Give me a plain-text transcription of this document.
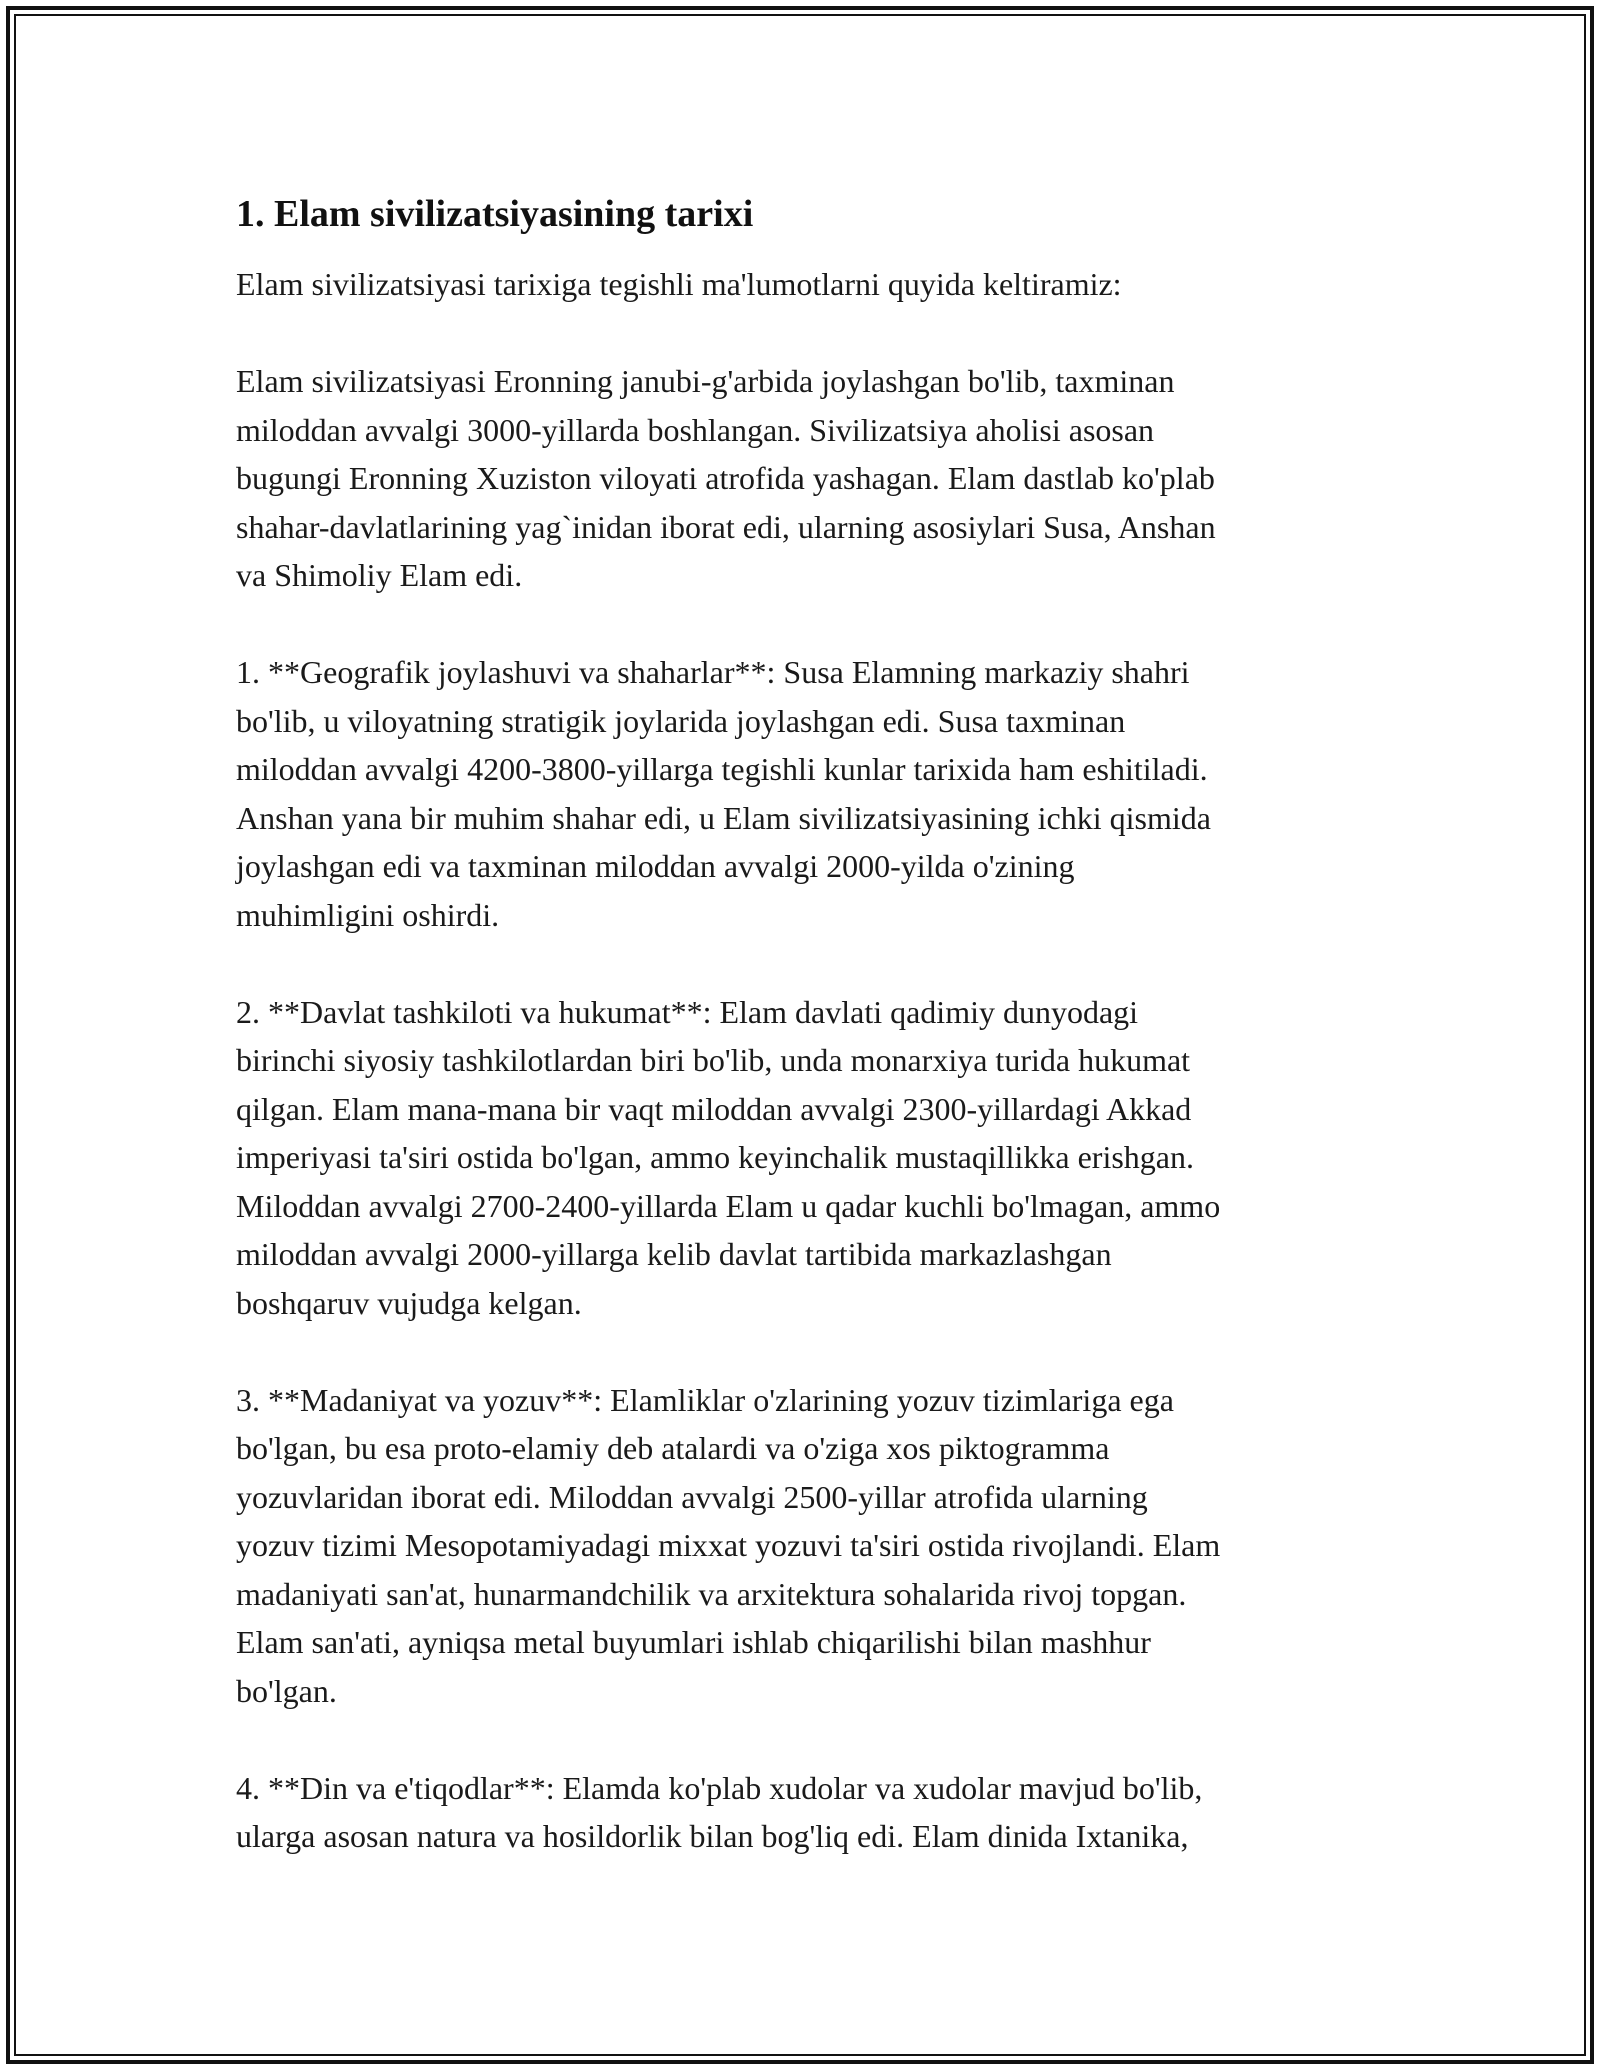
1. Elam sivilizatsiyasining tarixi

Elam sivilizatsiyasi tarixiga tegishli ma'lumotlarni quyida keltiramiz:

Elam sivilizatsiyasi Eronning janubi-g'arbida joylashgan bo'lib, taxminan
miloddan avvalgi 3000-yillarda boshlangan. Sivilizatsiya aholisi asosan
bugungi Eronning Xuziston viloyati atrofida yashagan. Elam dastlab ko'plab
shahar-davlatlarining yag`inidan iborat edi, ularning asosiylari Susa, Anshan
va Shimoliy Elam edi.

1. **Geografik joylashuvi va shaharlar**: Susa Elamning markaziy shahri
bo'lib, u viloyatning stratigik joylarida joylashgan edi. Susa taxminan
miloddan avvalgi 4200-3800-yillarga tegishli kunlar tarixida ham eshitiladi.
Anshan yana bir muhim shahar edi, u Elam sivilizatsiyasining ichki qismida
joylashgan edi va taxminan miloddan avvalgi 2000-yilda o'zining
muhimligini oshirdi.

2. **Davlat tashkiloti va hukumat**: Elam davlati qadimiy dunyodagi
birinchi siyosiy tashkilotlardan biri bo'lib, unda monarxiya turida hukumat
qilgan. Elam mana-mana bir vaqt miloddan avvalgi 2300-yillardagi Akkad
imperiyasi ta'siri ostida bo'lgan, ammo keyinchalik mustaqillikka erishgan.
Miloddan avvalgi 2700-2400-yillarda Elam u qadar kuchli bo'lmagan, ammo
miloddan avvalgi 2000-yillarga kelib davlat tartibida markazlashgan
boshqaruv vujudga kelgan.

3. **Madaniyat va yozuv**: Elamliklar o'zlarining yozuv tizimlariga ega
bo'lgan, bu esa proto-elamiy deb atalardi va o'ziga xos piktogramma
yozuvlaridan iborat edi. Miloddan avvalgi 2500-yillar atrofida ularning
yozuv tizimi Mesopotamiyadagi mixxat yozuvi ta'siri ostida rivojlandi. Elam
madaniyati san'at, hunarmandchilik va arxitektura sohalarida rivoj topgan.
Elam san'ati, ayniqsa metal buyumlari ishlab chiqarilishi bilan mashhur
bo'lgan.

4. **Din va e'tiqodlar**: Elamda ko'plab xudolar va xudolar mavjud bo'lib,
ularga asosan natura va hosildorlik bilan bog'liq edi. Elam dinida Ixtanika,
